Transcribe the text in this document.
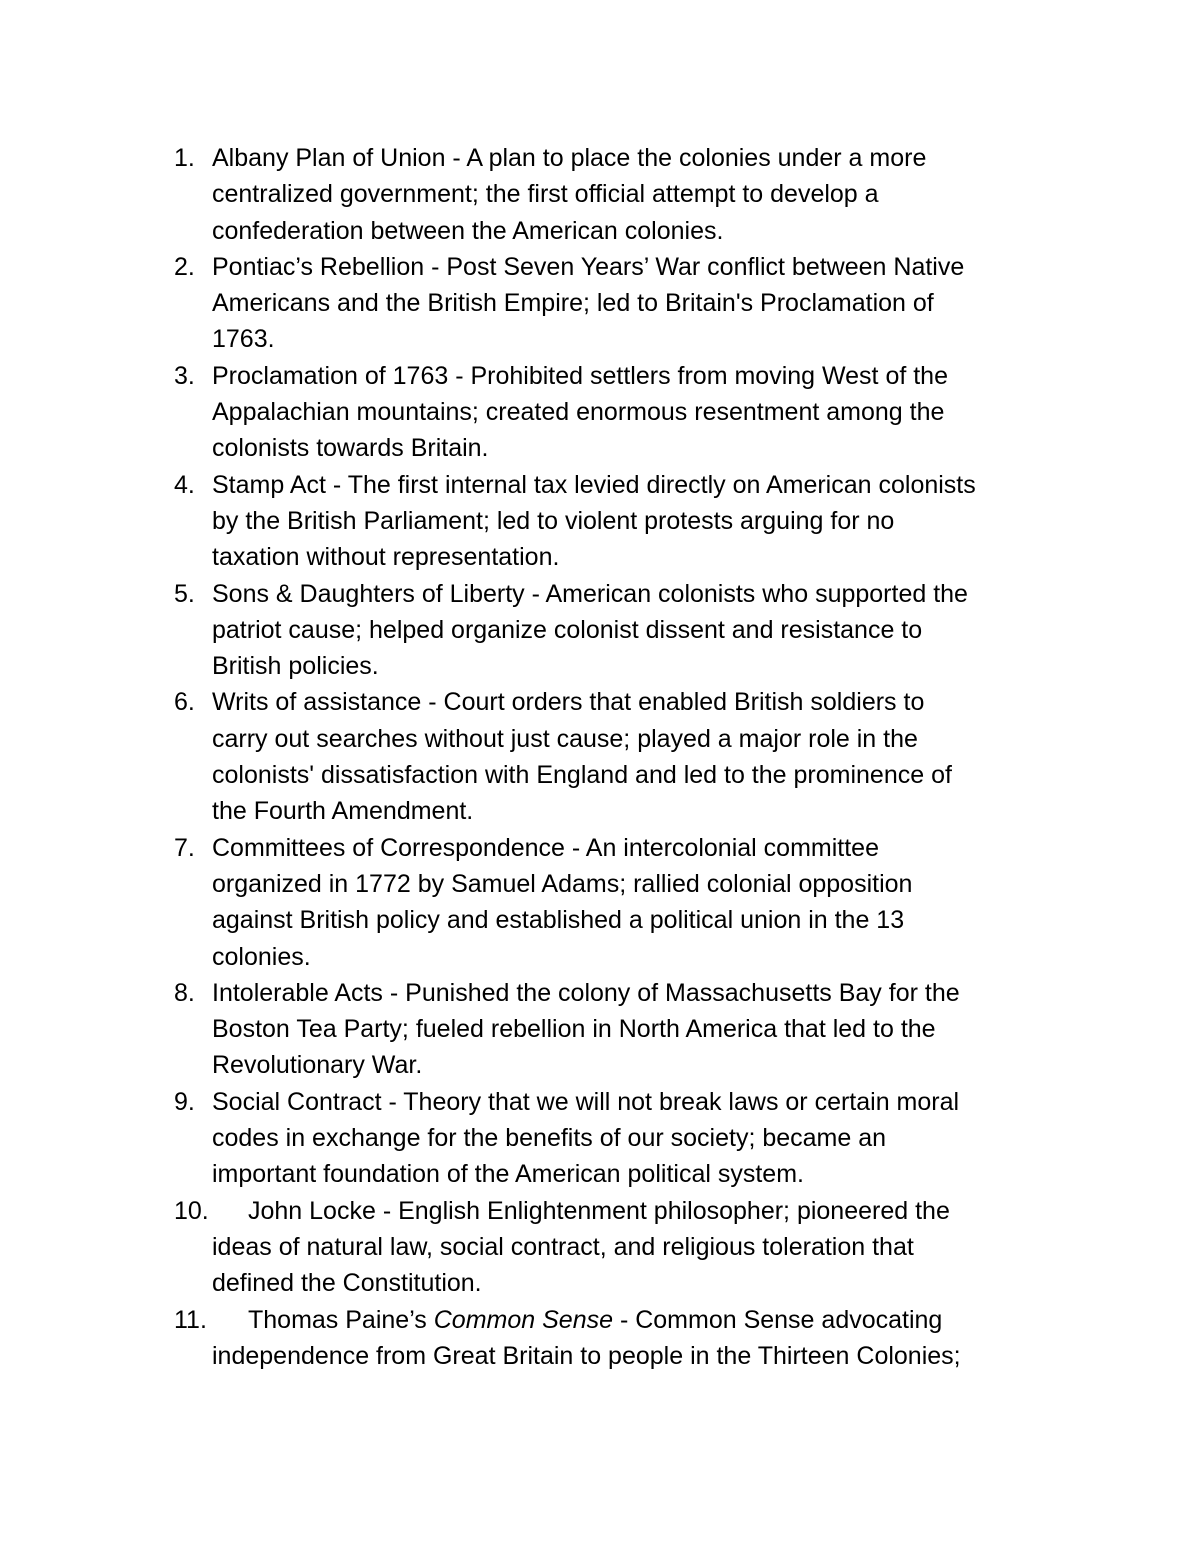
1. Albany Plan of Union - A plan to place the colonies under a more
centralized government; the first official attempt to develop a
confederation between the American colonies.
2. Pontiac’s Rebellion - Post Seven Years’ War conflict between Native
Americans and the British Empire; led to Britain's Proclamation of
1763.
3. Proclamation of 1763 - Prohibited settlers from moving West of the
Appalachian mountains; created enormous resentment among the
colonists towards Britain.
4. Stamp Act - The first internal tax levied directly on American colonists
by the British Parliament; led to violent protests arguing for no
taxation without representation.
5. Sons & Daughters of Liberty - American colonists who supported the
patriot cause; helped organize colonist dissent and resistance to
British policies.
6. Writs of assistance - Court orders that enabled British soldiers to
carry out searches without just cause; played a major role in the
colonists' dissatisfaction with England and led to the prominence of
the Fourth Amendment.
7. Committees of Correspondence - An intercolonial committee
organized in 1772 by Samuel Adams; rallied colonial opposition
against British policy and established a political union in the 13
colonies.
8. Intolerable Acts - Punished the colony of Massachusetts Bay for the
Boston Tea Party; fueled rebellion in North America that led to the
Revolutionary War.
9. Social Contract - Theory that we will not break laws or certain moral
codes in exchange for the benefits of our society; became an
important foundation of the American political system.
10.	John Locke - English Enlightenment philosopher; pioneered the
ideas of natural law, social contract, and religious toleration that
defined the Constitution.
11.	Thomas Paine’s Common Sense - Common Sense advocating
independence from Great Britain to people in the Thirteen Colonies;
